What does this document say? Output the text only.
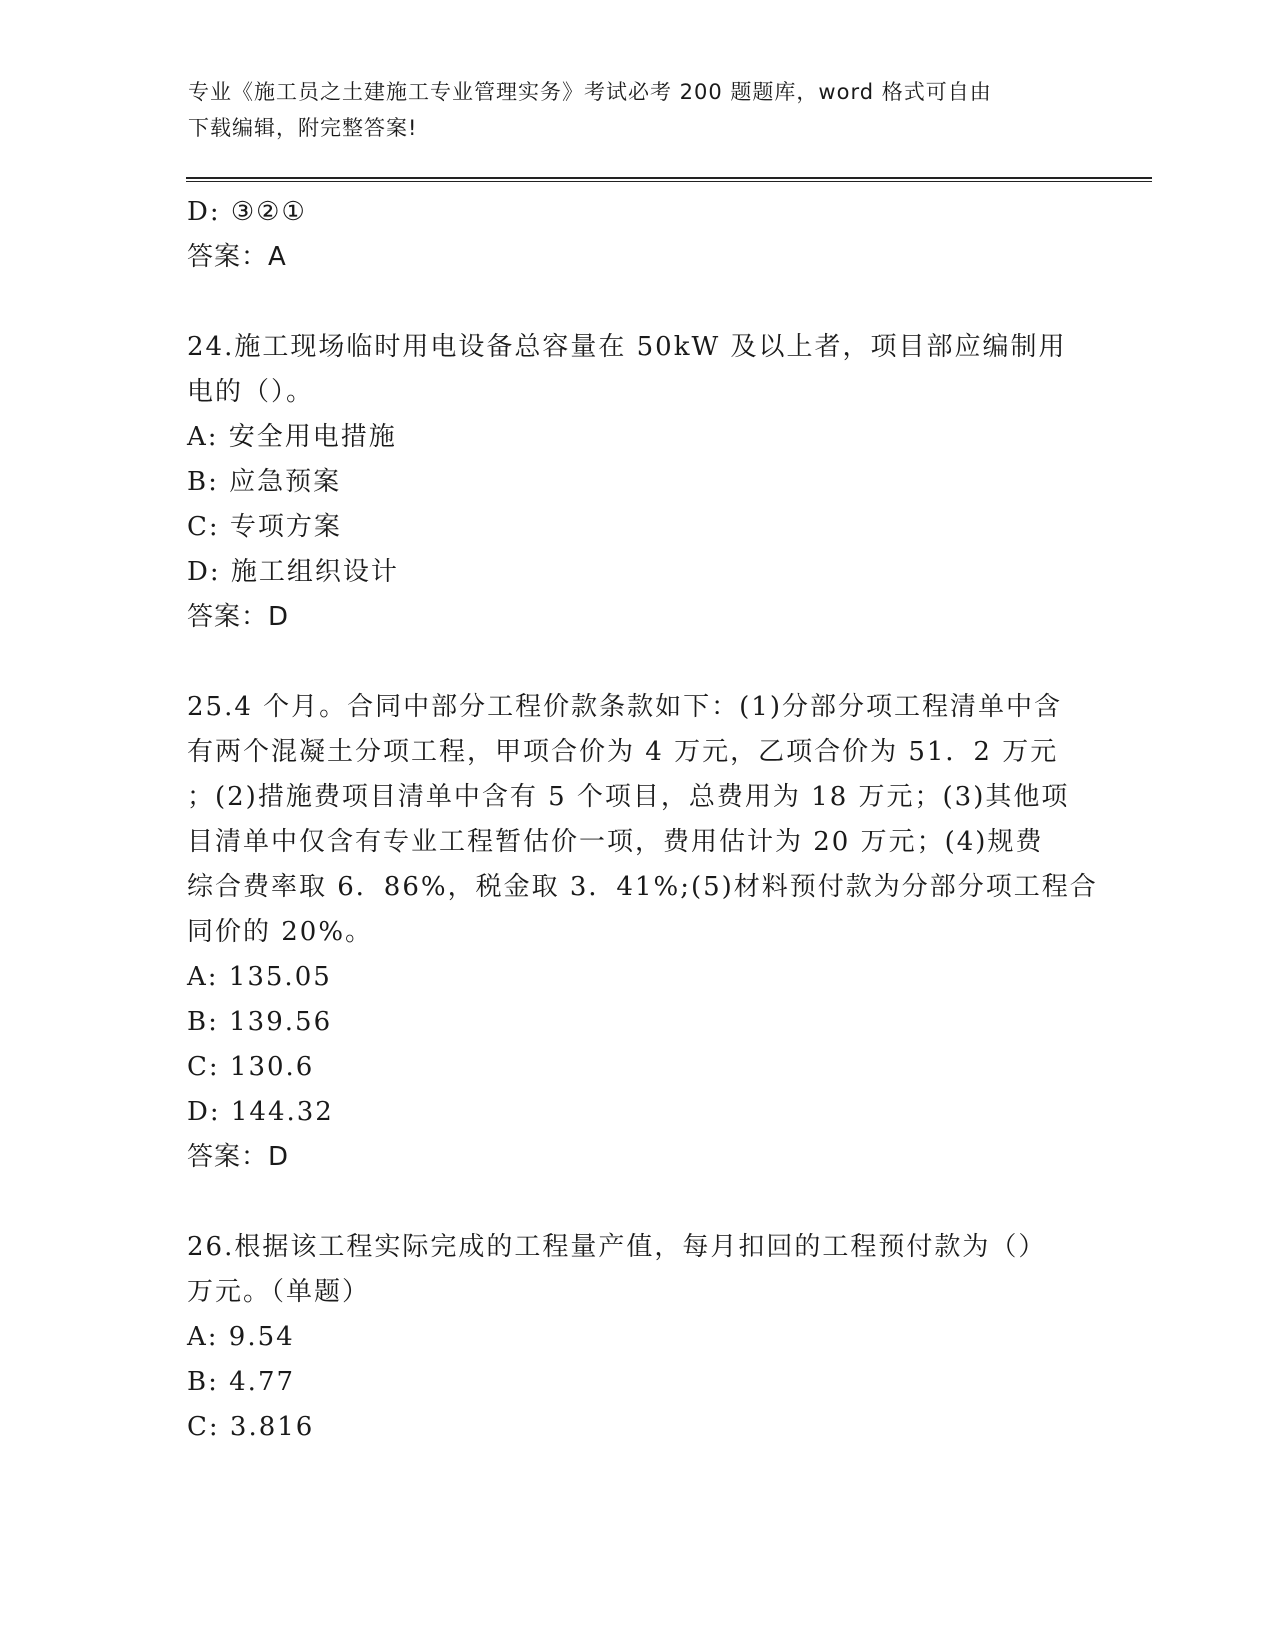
专业《施工员之土建施工专业管理实务》考试必考 200 题题库，word 格式可自由
下载编辑，附完整答案!
D: ③②①
答案：A
24.施工现场临时用电设备总容量在 50kW 及以上者，项目部应编制用
电的（）。
A: 安全用电措施
B: 应急预案
C: 专项方案
D: 施工组织设计
答案：D
25.4 个月。合同中部分工程价款条款如下：(1)分部分项工程清单中含
有两个混凝土分项工程，甲项合价为 4 万元，乙项合价为 51．2 万元
；(2)措施费项目清单中含有 5 个项目，总费用为 18 万元；(3)其他项
目清单中仅含有专业工程暂估价一项，费用估计为 20 万元；(4)规费
综合费率取 6．86%，税金取 3．41%;(5)材料预付款为分部分项工程合
同价的 20%。
A: 135.05
B: 139.56
C: 130.6
D: 144.32
答案：D
26.根据该工程实际完成的工程量产值，每月扣回的工程预付款为（）
万元。（单题）
A: 9.54
B: 4.77
C: 3.816
